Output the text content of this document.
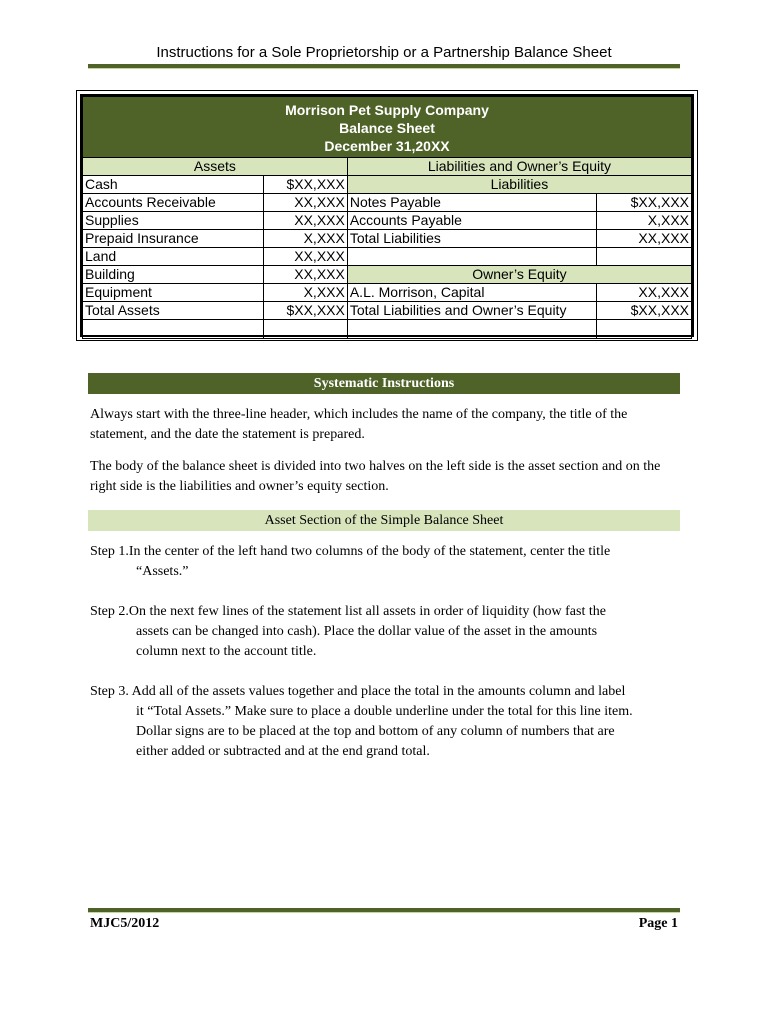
Instructions for a Sole Proprietorship or a Partnership Balance Sheet
Morrison Pet Supply Company
Balance Sheet
December 31,20XX			

Assets		Liabilities and Owner’s Equity	
Cash	$XX,XXX	Liabilities	
Accounts Receivable	XX,XXX	Notes Payable	$XX,XXX
Supplies	XX,XXX	Accounts Payable	X,XXX
Prepaid Insurance	X,XXX	Total Liabilities	XX,XXX
Land	XX,XXX		
Building	XX,XXX	Owner’s Equity	
Equipment	X,XXX	A.L. Morrison, Capital	XX,XXX
Total Assets	$XX,XXX	Total Liabilities and Owner’s Equity	$XX,XXX

Systematic Instructions
Always start with the three-line header, which includes the name of the company, the title of the statement, and the date the statement is prepared.
The body of the balance sheet is divided into two halves on the left side is the asset section and on the right side is the liabilities and owner’s equity section.
Asset Section of the Simple Balance Sheet
Step 1.In the center of the left hand two columns of the body of the statement, center the title
“Assets.”
Step 2.On the next few lines of the statement list all assets in order of liquidity (how fast the
assets can be changed into cash). Place the dollar value of the asset in the amounts
column next to the account title.
Step 3. Add all of the assets values together and place the total in the amounts column and label
it “Total Assets.” Make sure to place a double underline under the total for this line item.
Dollar signs are to be placed at the top and bottom of any column of numbers that are
either added or subtracted and at the end grand total.
MJC5/2012	Page 1
